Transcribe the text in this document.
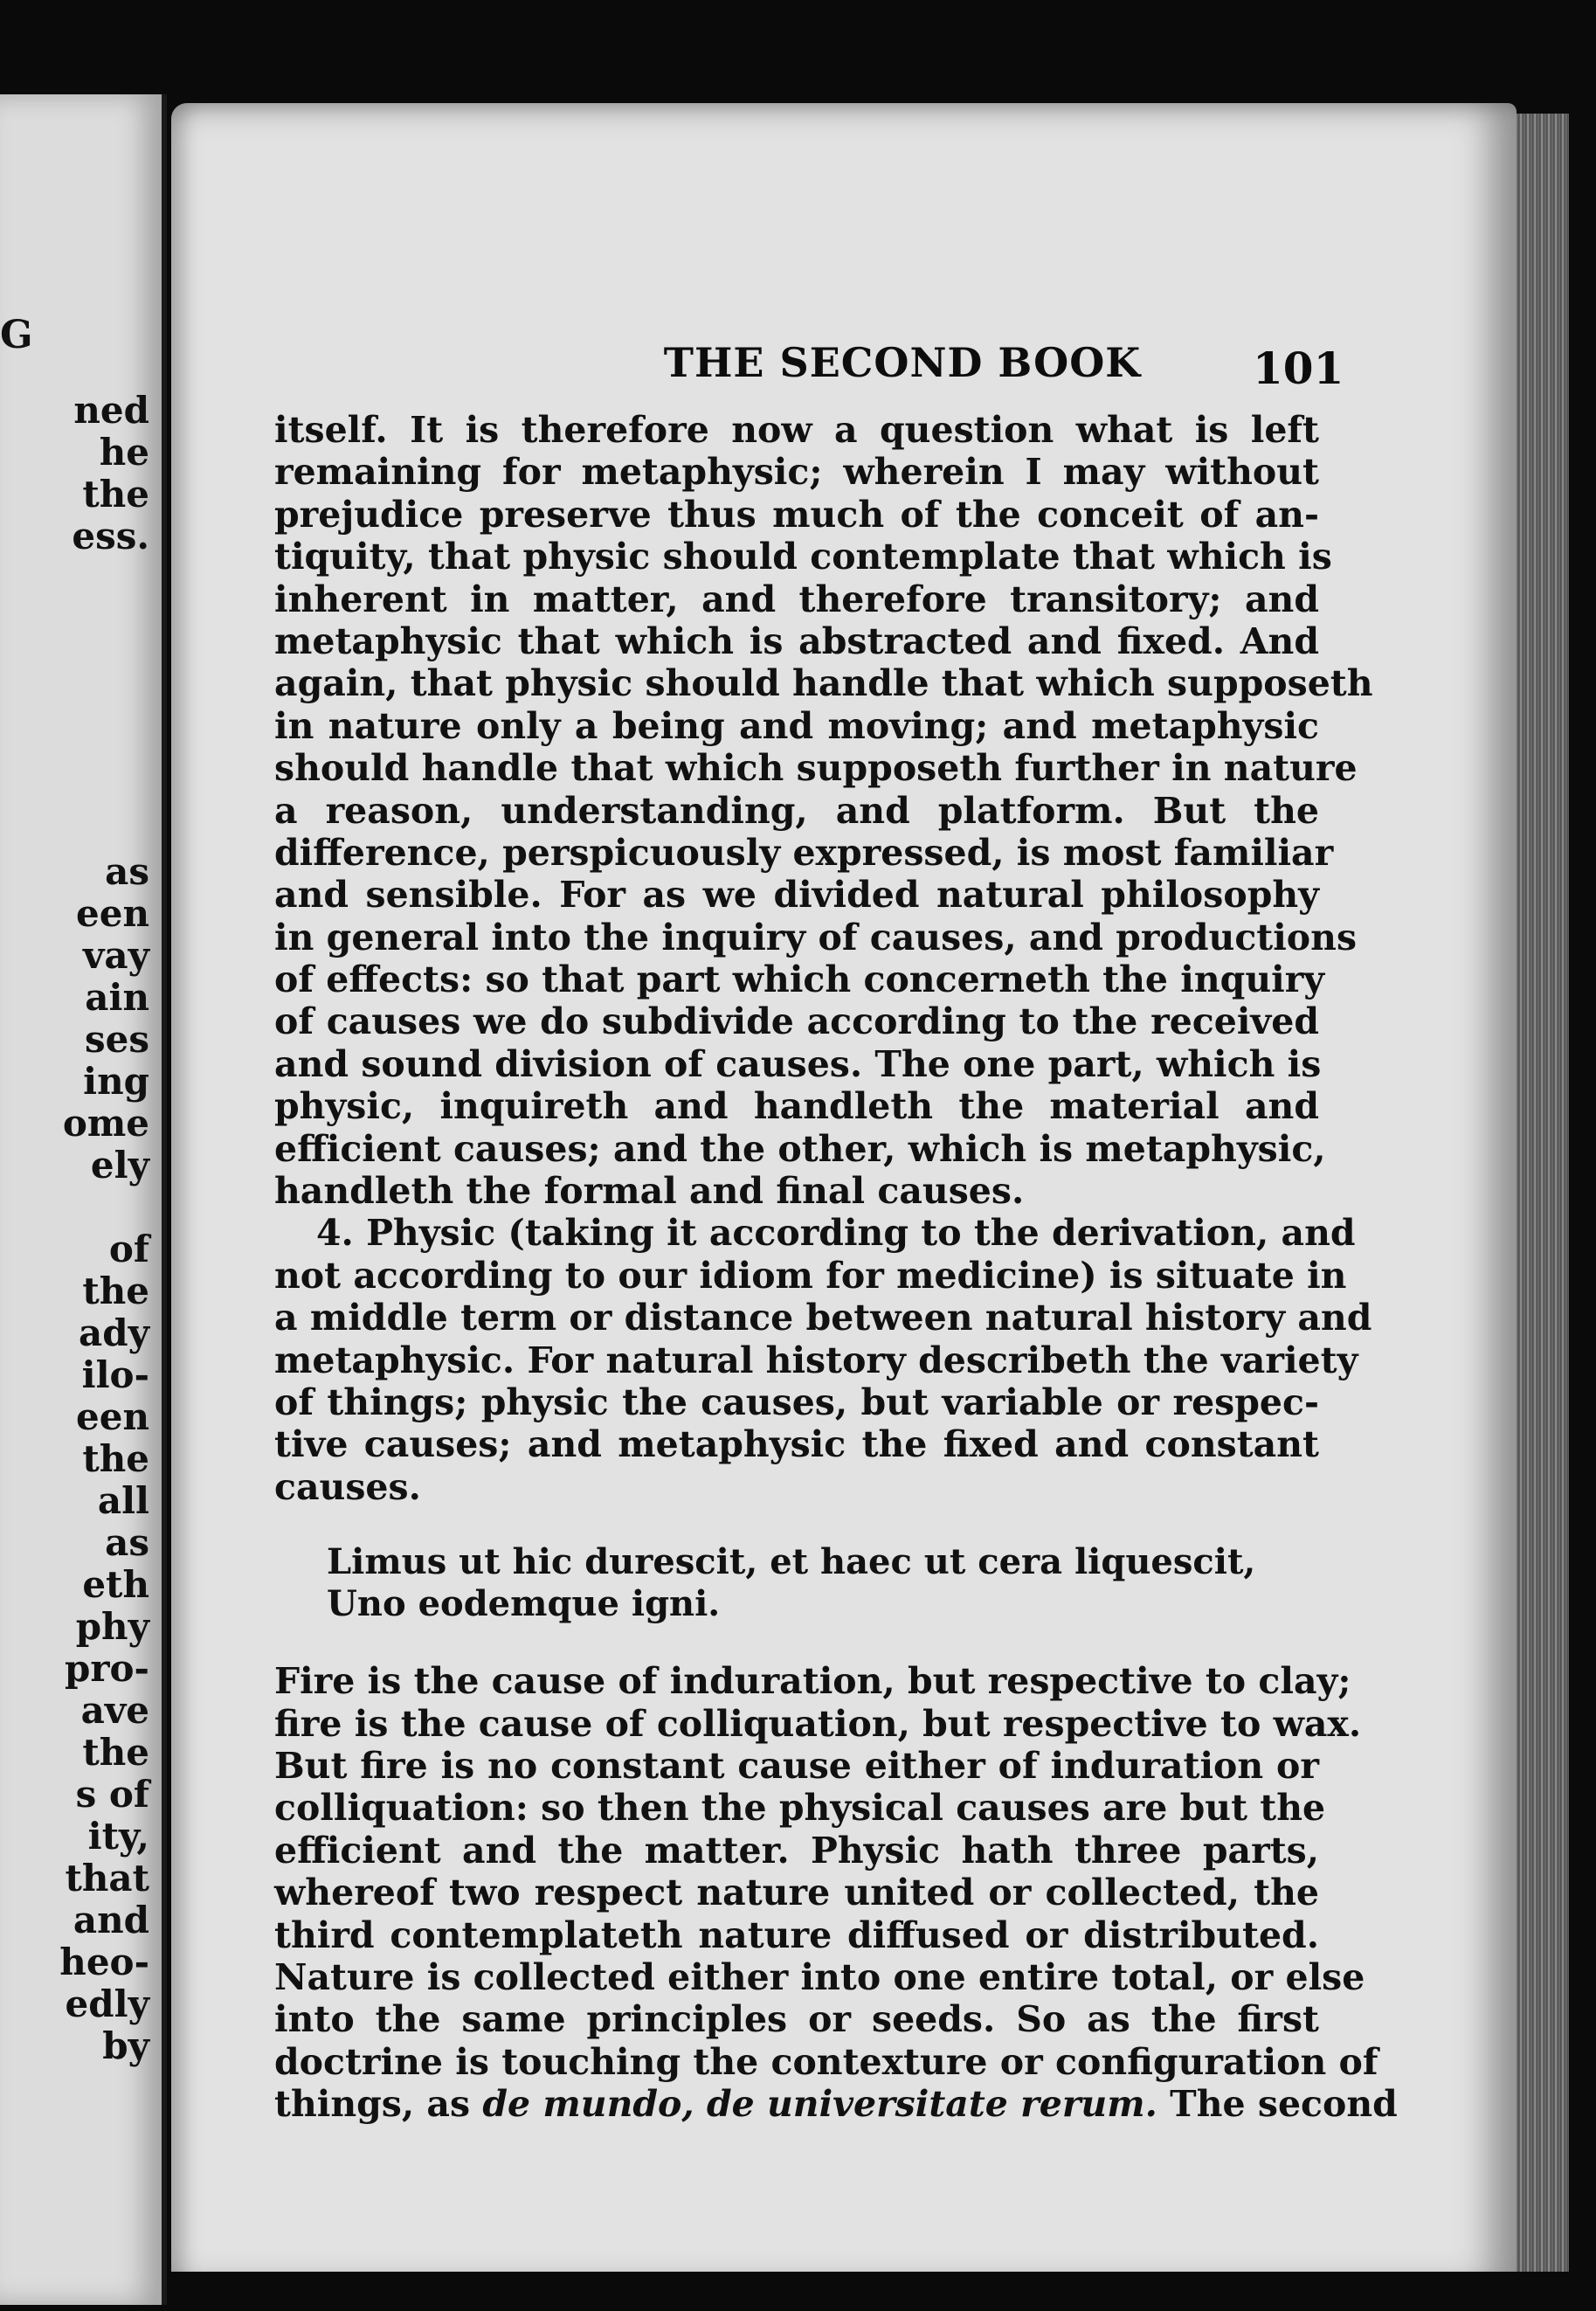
G
ned
he
the
ess.
as
een
vay
ain
ses
ing
ome
ely
of
the
ady
ilo-
een
the
all
as
eth
phy
pro-
ave
the
s of
ity,
that
and
heo-
edly
by
THE SECOND BOOK	101
itself. It is therefore now a question what is left
remaining for metaphysic; wherein I may without
prejudice preserve thus much of the conceit of an-
tiquity, that physic should contemplate that which is
inherent in matter, and therefore transitory; and
metaphysic that which is abstracted and fixed. And
again, that physic should handle that which supposeth
in nature only a being and moving; and metaphysic
should handle that which supposeth further in nature
a reason, understanding, and platform. But the
difference, perspicuously expressed, is most familiar
and sensible. For as we divided natural philosophy
in general into the inquiry of causes, and productions
of effects: so that part which concerneth the inquiry
of causes we do subdivide according to the received
and sound division of causes. The one part, which is
physic, inquireth and handleth the material and
efficient causes; and the other, which is metaphysic,
handleth the formal and final causes.
4. Physic (taking it according to the derivation, and
not according to our idiom for medicine) is situate in
a middle term or distance between natural history and
metaphysic. For natural history describeth the variety
of things; physic the causes, but variable or respec-
tive causes; and metaphysic the fixed and constant
causes.
Limus ut hic durescit, et haec ut cera liquescit,
Uno eodemque igni.
Fire is the cause of induration, but respective to clay;
fire is the cause of colliquation, but respective to wax.
But fire is no constant cause either of induration or
colliquation: so then the physical causes are but the
efficient and the matter. Physic hath three parts,
whereof two respect nature united or collected, the
third contemplateth nature diffused or distributed.
Nature is collected either into one entire total, or else
into the same principles or seeds. So as the first
doctrine is touching the contexture or configuration of
things, as de mundo, de universitate rerum. The second
